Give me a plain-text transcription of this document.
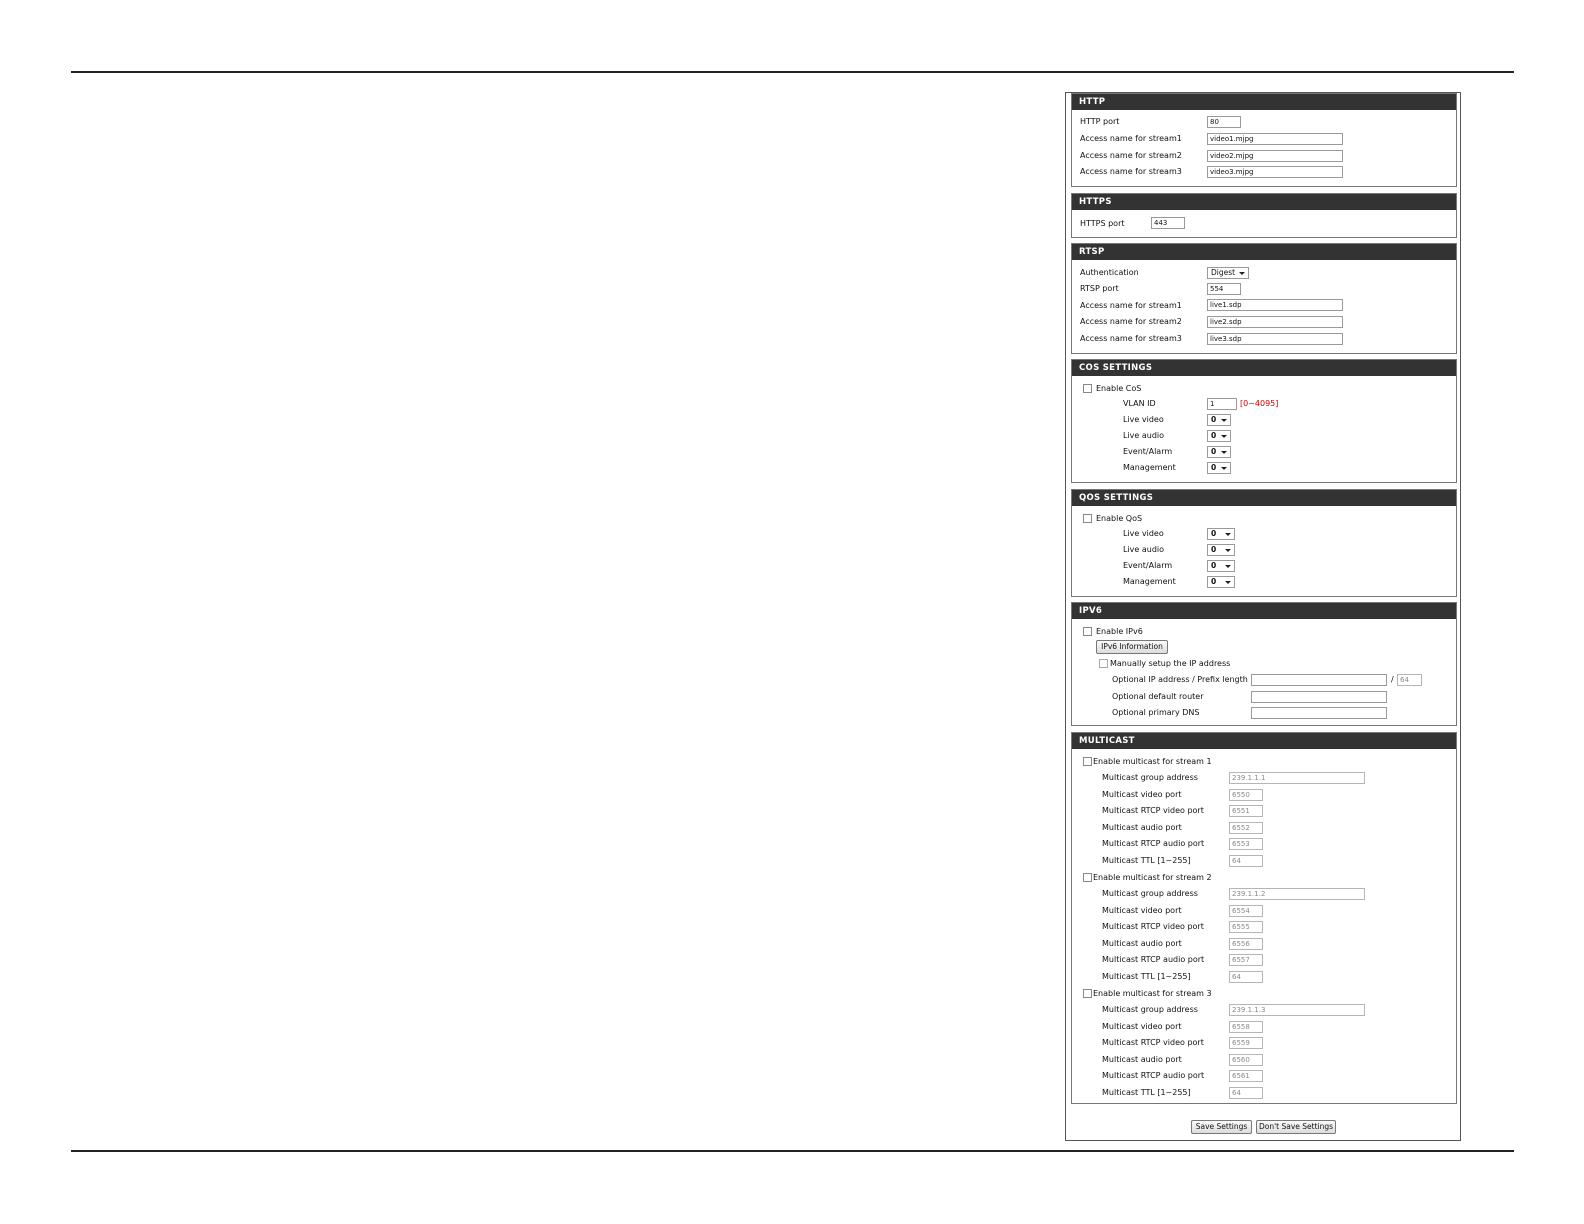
HTTP
HTTP port	80
Access name for stream1	video1.mjpg
Access name for stream2	video2.mjpg
Access name for stream3	video3.mjpg
HTTPS
HTTPS port	443
RTSP
Authentication	Digest
RTSP port	554
Access name for stream1	live1.sdp
Access name for stream2	live2.sdp
Access name for stream3	live3.sdp
COS SETTINGS
Enable CoS
VLAN ID	1	[0~4095]
Live video	0
Live audio	0
Event/Alarm	0
Management	0
QOS SETTINGS
Enable QoS
Live video	0
Live audio	0
Event/Alarm	0
Management	0
IPV6
Enable IPv6
IPv6 Information
Manually setup the IP address
Optional IP address / Prefix length	/ 64
Optional default router
Optional primary DNS
MULTICAST
Enable multicast for stream 1
Multicast group address	239.1.1.1
Multicast video port	6550
Multicast RTCP video port	6551
Multicast audio port	6552
Multicast RTCP audio port	6553
Multicast TTL [1~255]	64
Enable multicast for stream 2
Multicast group address	239.1.1.2
Multicast video port	6554
Multicast RTCP video port	6555
Multicast audio port	6556
Multicast RTCP audio port	6557
Multicast TTL [1~255]	64
Enable multicast for stream 3
Multicast group address	239.1.1.3
Multicast video port	6558
Multicast RTCP video port	6559
Multicast audio port	6560
Multicast RTCP audio port	6561
Multicast TTL [1~255]	64
Save Settings	Don't Save Settings
